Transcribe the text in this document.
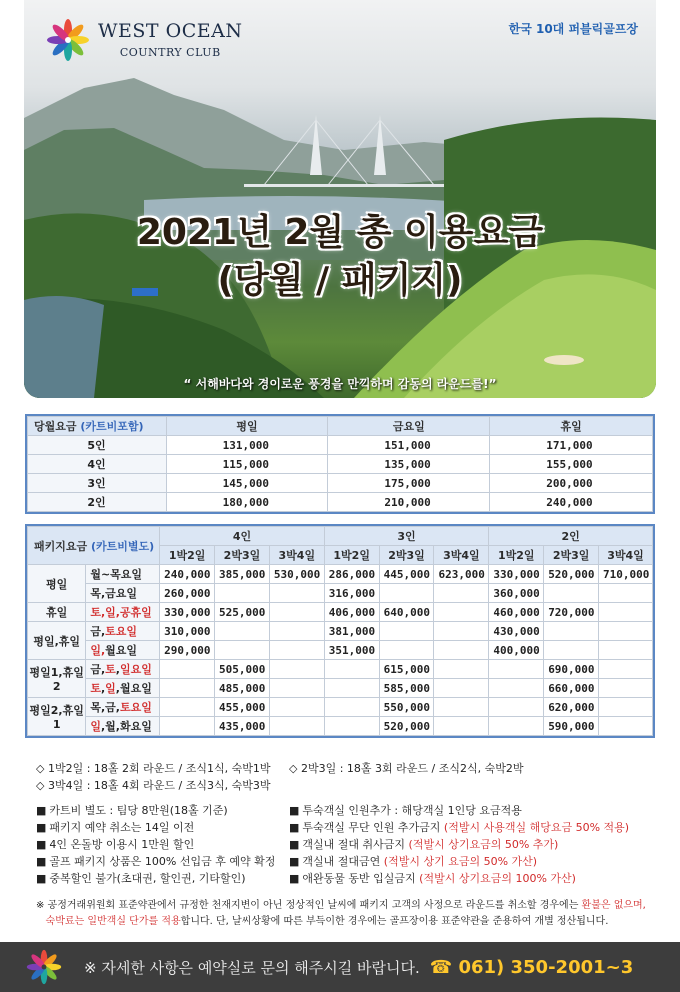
WEST OCEAN
COUNTRY CLUB
한국 10대 퍼블릭골프장
2021년 2월 총 이용요금
(당월 / 패키지)
“ 서해바다와 경이로운 풍경을 만끽하며 감동의 라운드를!”
당월요금 (카트비포함)	평일	금요일	휴일
5인	131,000	151,000	171,000
4인	115,000	135,000	155,000
3인	145,000	175,000	200,000
2인	180,000	210,000	240,000
패키지요금 (카트비별도)		4인			3인			2인		
		1박2일	2박3일	3박4일	1박2일	2박3일	3박4일	1박2일	2박3일	3박4일
평일	월~목요일	240,000	385,000	530,000	286,000	445,000	623,000	330,000	520,000	710,000
	목,금요일	260,000			316,000			360,000		
휴일	토,일,공휴일	330,000	525,000		406,000	640,000		460,000	720,000	
평일,휴일	금,토요일	310,000			381,000			430,000		
	일,월요일	290,000			351,000			400,000		
평일1,휴일2	금,토,일요일		505,000			615,000			690,000	
	토,일,월요일		485,000			585,000			660,000	
평일2,휴일1	목,금,토요일		455,000			550,000			620,000	
	일,월,화요일		435,000			520,000			590,000	
◇ 1박2일 : 18홀 2회 라운드 / 조식1식, 숙박1박 ◇ 2박3일 : 18홀 3회 라운드 / 조식2식, 숙박2박
◇ 3박4일 : 18홀 4회 라운드 / 조식3식, 숙박3박
■ 카트비 별도 : 팀당 8만원(18홀 기준)
■ 패키지 예약 취소는 14일 이전
■ 4인 온돌방 이용시 1만원 할인
■ 골프 패키지 상품은 100% 선입금 후 예약 확정
■ 중복할인 불가(초대권, 할인권, 기타할인)
■ 투숙객실 인원추가 : 해당객실 1인당 요금적용
■ 투숙객실 무단 인원 추가금지 (적발시 사용객실 해당요금 50% 적용)
■ 객실내 절대 취사금지 (적발시 상기요금의 50% 추가)
■ 객실내 절대금연 (적발시 상기 요금의 50% 가산)
■ 애완동물 동반 입실금지 (적발시 상기요금의 100% 가산)
※ 공정거래위원회 표준약관에서 규정한 천재지변이 아닌 정상적인 날씨에 패키지 고객의 사정으로 라운드를 취소할 경우에는 환불은 없으며,
숙박료는 일반객실 단가를 적용합니다. 단, 날씨상황에 따른 부득이한 경우에는 골프장이용 표준약관을 준용하여 개별 정산됩니다.
※ 자세한 사항은 예약실로 문의 해주시길 바랍니다. ☎ 061) 350-2001~3
